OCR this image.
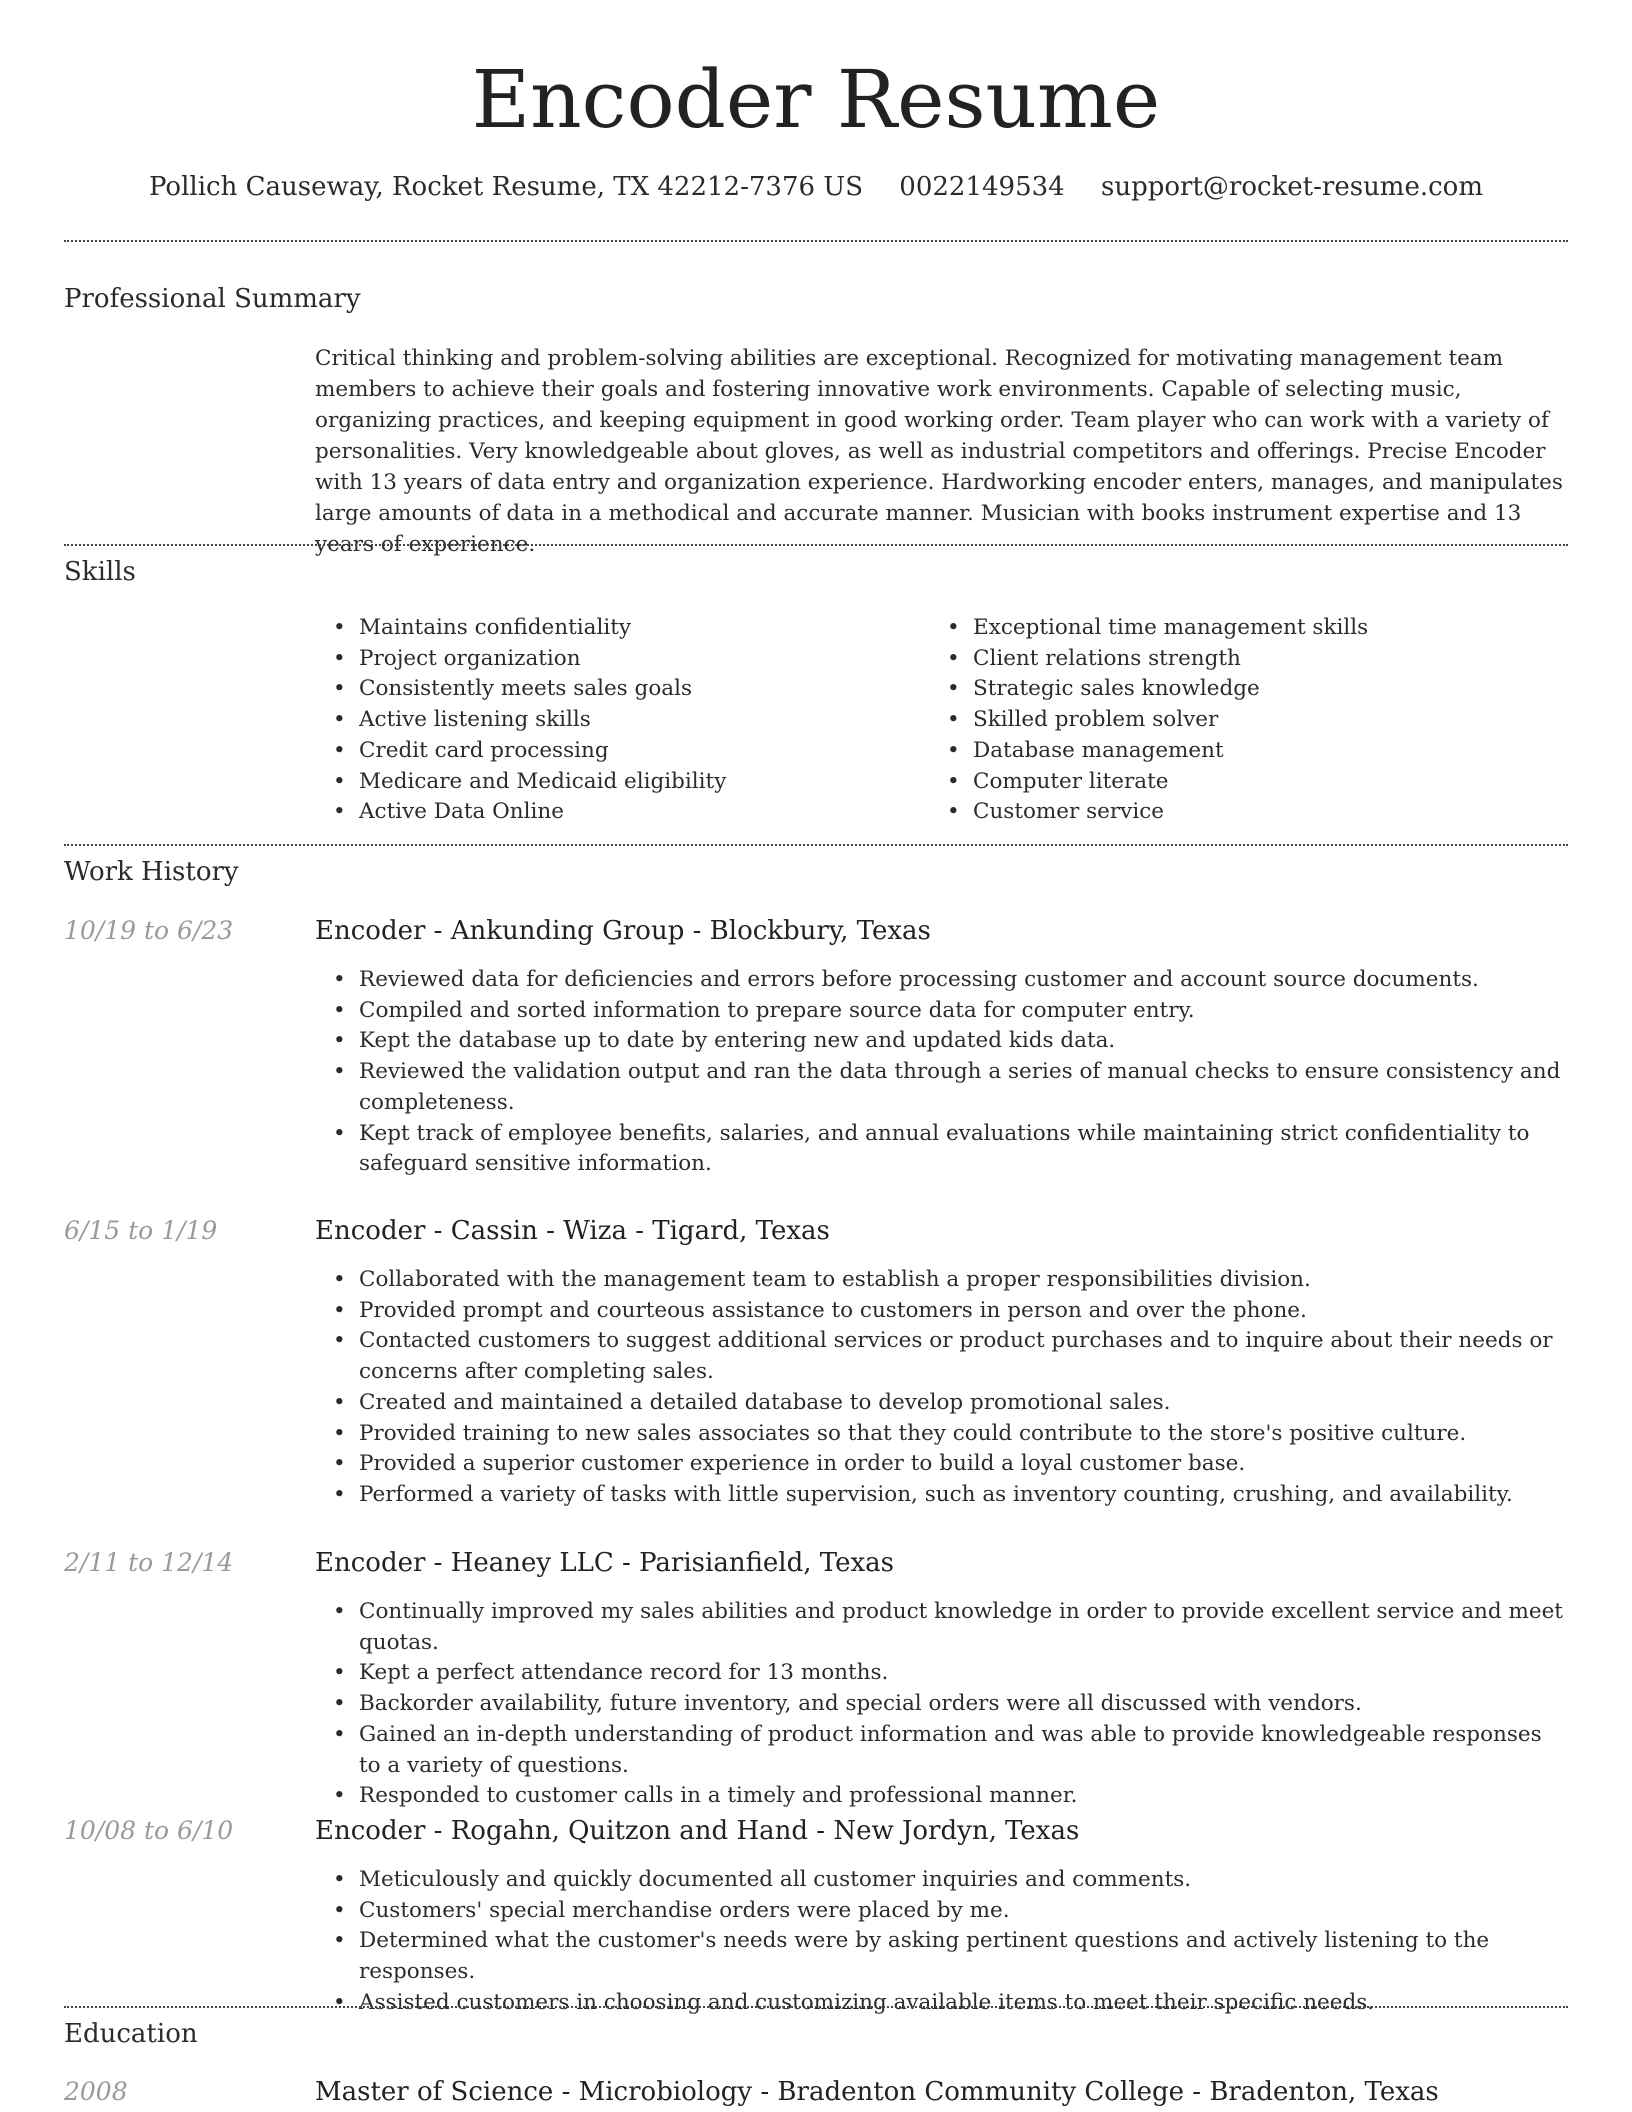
Encoder Resume
Pollich Causeway, Rocket Resume, TX 42212-7376 US 0022149534 support@rocket-resume.com
Professional Summary

Critical thinking and problem-solving abilities are exceptional. Recognized for motivating management team members to achieve their goals and fostering innovative work environments. Capable of selecting music, organizing practices, and keeping equipment in good working order. Team player who can work with a variety of personalities. Very knowledgeable about gloves, as well as industrial competitors and offerings. Precise Encoder with 13 years of data entry and organization experience. Hardworking encoder enters, manages, and manipulates large amounts of data in a methodical and accurate manner. Musician with books instrument expertise and 13 years of experience.

Skills
• Maintains confidentiality
• Project organization
• Consistently meets sales goals
• Active listening skills
• Credit card processing
• Medicare and Medicaid eligibility
• Active Data Online
• Exceptional time management skills
• Client relations strength
• Strategic sales knowledge
• Skilled problem solver
• Database management
• Computer literate
• Customer service
Work History
10/19 to 6/23	Encoder - Ankunding Group - Blockbury, Texas
• Reviewed data for deficiencies and errors before processing customer and account source documents.
• Compiled and sorted information to prepare source data for computer entry.
• Kept the database up to date by entering new and updated kids data.
• Reviewed the validation output and ran the data through a series of manual checks to ensure consistency and completeness.
• Kept track of employee benefits, salaries, and annual evaluations while maintaining strict confidentiality to safeguard sensitive information.
6/15 to 1/19	Encoder - Cassin - Wiza - Tigard, Texas
• Collaborated with the management team to establish a proper responsibilities division.
• Provided prompt and courteous assistance to customers in person and over the phone.
• Contacted customers to suggest additional services or product purchases and to inquire about their needs or concerns after completing sales.
• Created and maintained a detailed database to develop promotional sales.
• Provided training to new sales associates so that they could contribute to the store's positive culture.
• Provided a superior customer experience in order to build a loyal customer base.
• Performed a variety of tasks with little supervision, such as inventory counting, crushing, and availability.
2/11 to 12/14	Encoder - Heaney LLC - Parisianfield, Texas
• Continually improved my sales abilities and product knowledge in order to provide excellent service and meet quotas.
• Kept a perfect attendance record for 13 months.
• Backorder availability, future inventory, and special orders were all discussed with vendors.
• Gained an in-depth understanding of product information and was able to provide knowledgeable responses to a variety of questions.
• Responded to customer calls in a timely and professional manner.
10/08 to 6/10	Encoder - Rogahn, Quitzon and Hand - New Jordyn, Texas
• Meticulously and quickly documented all customer inquiries and comments.
• Customers' special merchandise orders were placed by me.
• Determined what the customer's needs were by asking pertinent questions and actively listening to the responses.
• Assisted customers in choosing and customizing available items to meet their specific needs.
Education
2008	Master of Science - Microbiology - Bradenton Community College - Bradenton, Texas
